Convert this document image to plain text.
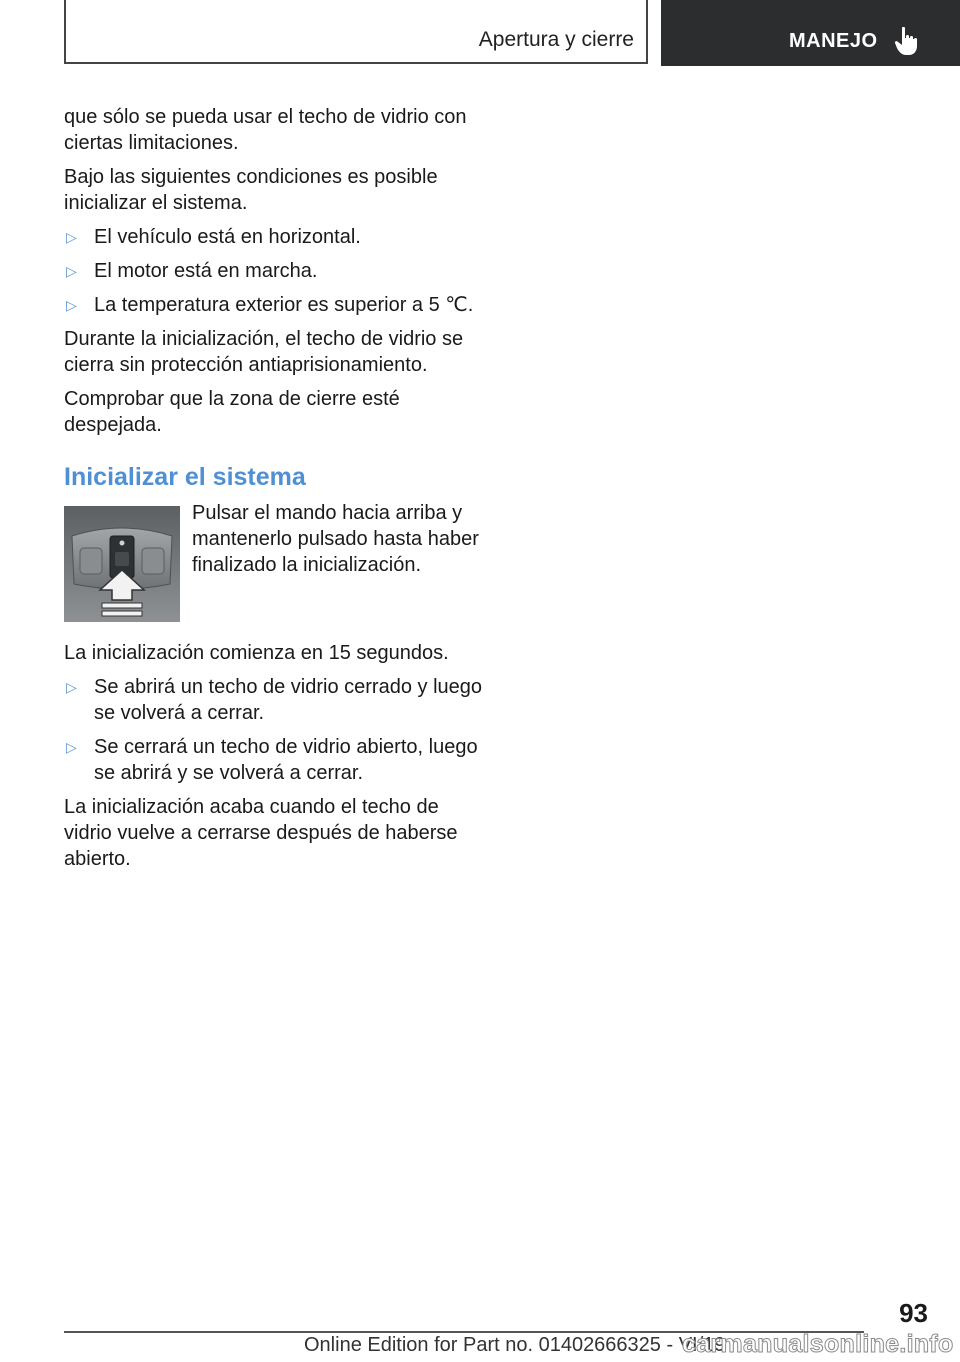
Apertura y cierre	MANEJO

que sólo se pueda usar el techo de vidrio con ciertas limitaciones.

Bajo las siguientes condiciones es posible inicializar el sistema.

▷ El vehículo está en horizontal.
▷ El motor está en marcha.
▷ La temperatura exterior es superior a 5 ℃.

Durante la inicialización, el techo de vidrio se cierra sin protección antiaprisionamiento.

Comprobar que la zona de cierre esté despejada.

Inicializar el sistema
Pulsar el mando hacia arriba y mantenerlo pulsado hasta haber finalizado la inicialización.

La inicialización comienza en 15 segundos.

▷ Se abrirá un techo de vidrio cerrado y luego se volverá a cerrar.
▷ Se cerrará un techo de vidrio abierto, luego se abrirá y se volverá a cerrar.

La inicialización acaba cuando el techo de vidrio vuelve a cerrarse después de haberse abierto.

93
Online Edition for Part no. 01402666325 - VI/19
carmanualsonline.info
